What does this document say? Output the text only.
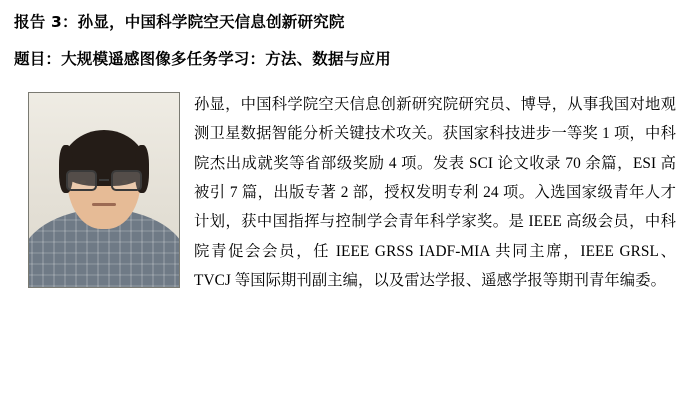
报告 3：孙显，中国科学院空天信息创新研究院

题目：大规模遥感图像多任务学习：方法、数据与应用

孙显，中国科学院空天信息创新研究院研究员、博导，从事我国对地观测卫星数据智能分析关键技术攻关。获国家科技进步一等奖 1 项，中科院杰出成就奖等省部级奖励 4 项。发表 SCI 论文收录 70 余篇，ESI 高被引 7 篇，出版专著 2 部，授权发明专利 24 项。入选国家级青年人才计划，获中国指挥与控制学会青年科学家奖。是 IEEE 高级会员，中科院青促会会员，任 IEEE GRSS IADF-MIA 共同主席，IEEE GRSL、TVCJ 等国际期刊副主编，以及雷达学报、遥感学报等期刊青年编委。
